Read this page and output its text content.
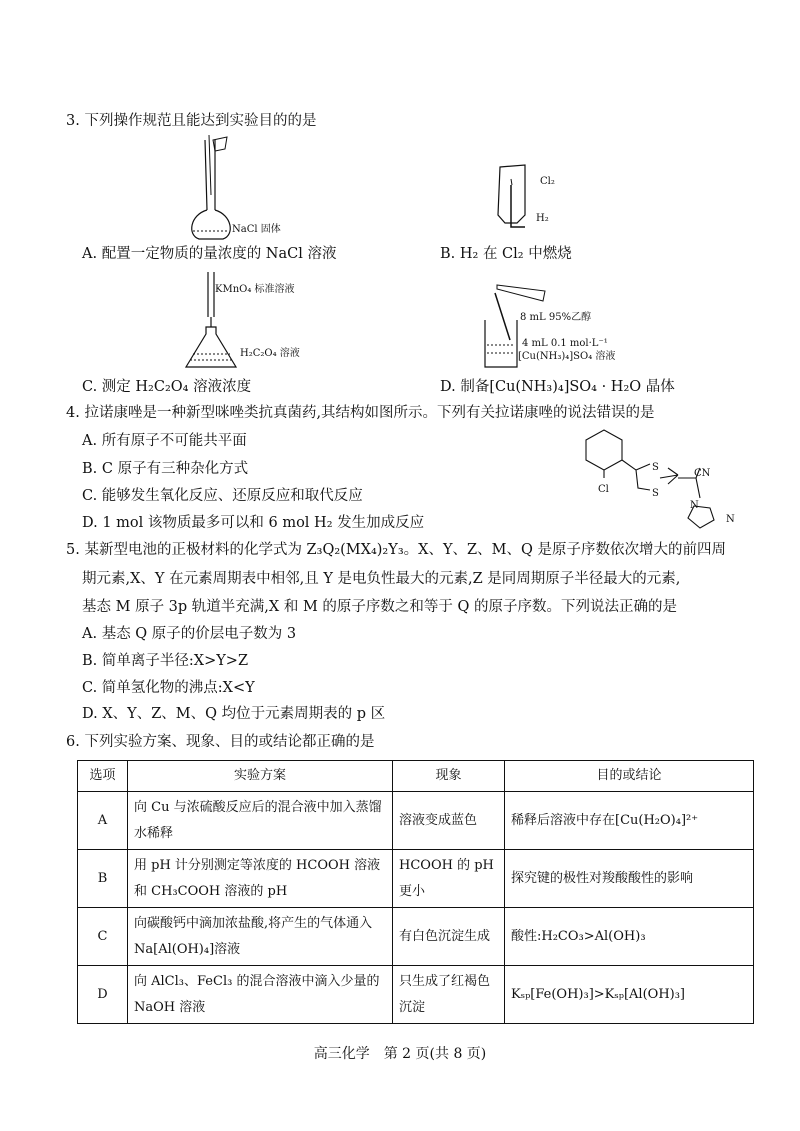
3. 下列操作规范且能达到实验目的的是
NaCl 固体
A. 配置一定物质的量浓度的 NaCl 溶液
Cl₂
H₂
B. H₂ 在 Cl₂ 中燃烧
KMnO₄ 标准溶液
H₂C₂O₄ 溶液
C. 测定 H₂C₂O₄ 溶液浓度
8 mL 95%乙醇
4 mL 0.1 mol·L⁻¹
[Cu(NH₃)₄]SO₄ 溶液
D. 制备[Cu(NH₃)₄]SO₄ · H₂O 晶体
4. 拉诺康唑是一种新型咪唑类抗真菌药,其结构如图所示。下列有关拉诺康唑的说法错误的是
A. 所有原子不可能共平面
B. C 原子有三种杂化方式
C. 能够发生氧化反应、还原反应和取代反应
D. 1 mol 该物质最多可以和 6 mol H₂ 发生加成反应
Cl
CN
S
S
N
N
5. 某新型电池的正极材料的化学式为 Z₃Q₂(MX₄)₂Y₃。X、Y、Z、M、Q 是原子序数依次增大的前四周
期元素,X、Y 在元素周期表中相邻,且 Y 是电负性最大的元素,Z 是同周期原子半径最大的元素,
基态 M 原子 3p 轨道半充满,X 和 M 的原子序数之和等于 Q 的原子序数。下列说法正确的是
A. 基态 Q 原子的价层电子数为 3
B. 简单离子半径:X>Y>Z
C. 简单氢化物的沸点:X<Y
D. X、Y、Z、M、Q 均位于元素周期表的 p 区
6. 下列实验方案、现象、目的或结论都正确的是
选项	实验方案	现象	目的或结论
A	向 Cu 与浓硫酸反应后的混合液中加入蒸馏水稀释	溶液变成蓝色	稀释后溶液中存在[Cu(H₂O)₄]²⁺
B	用 pH 计分别测定等浓度的 HCOOH 溶液和 CH₃COOH 溶液的 pH	HCOOH 的 pH 更小	探究键的极性对羧酸酸性的影响
C	向碳酸钙中滴加浓盐酸,将产生的气体通入 Na[Al(OH)₄]溶液	有白色沉淀生成	酸性:H₂CO₃>Al(OH)₃
D	向 AlCl₃、FeCl₃ 的混合溶液中滴入少量的 NaOH 溶液	只生成了红褐色沉淀	Kₛₚ[Fe(OH)₃]>Kₛₚ[Al(OH)₃]
高三化学　第 2 页(共 8 页)
